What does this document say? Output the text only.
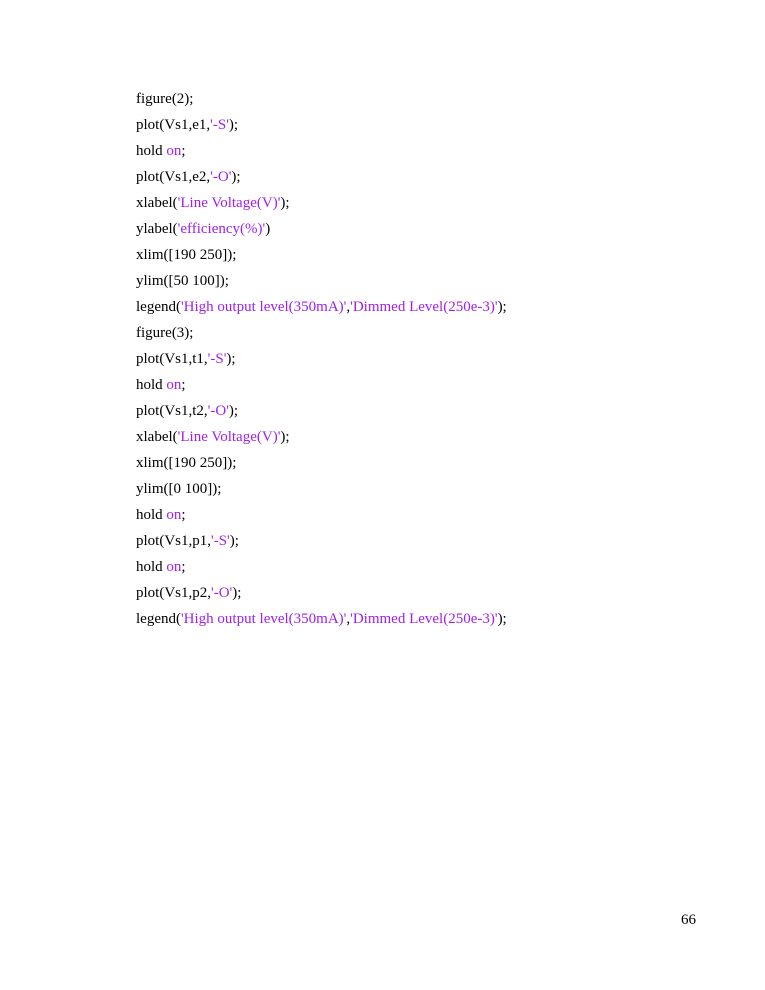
figure(2);
plot(Vs1,e1,'-S');
hold on;
plot(Vs1,e2,'-O');
xlabel('Line Voltage(V)');
ylabel('efficiency(%)')
xlim([190 250]);
ylim([50 100]);
legend('High output level(350mA)','Dimmed Level(250e-3)');
figure(3);
plot(Vs1,t1,'-S');
hold on;
plot(Vs1,t2,'-O');
xlabel('Line Voltage(V)');
xlim([190 250]);
ylim([0 100]);
hold on;
plot(Vs1,p1,'-S');
hold on;
plot(Vs1,p2,'-O');
legend('High output level(350mA)','Dimmed Level(250e-3)');
66
